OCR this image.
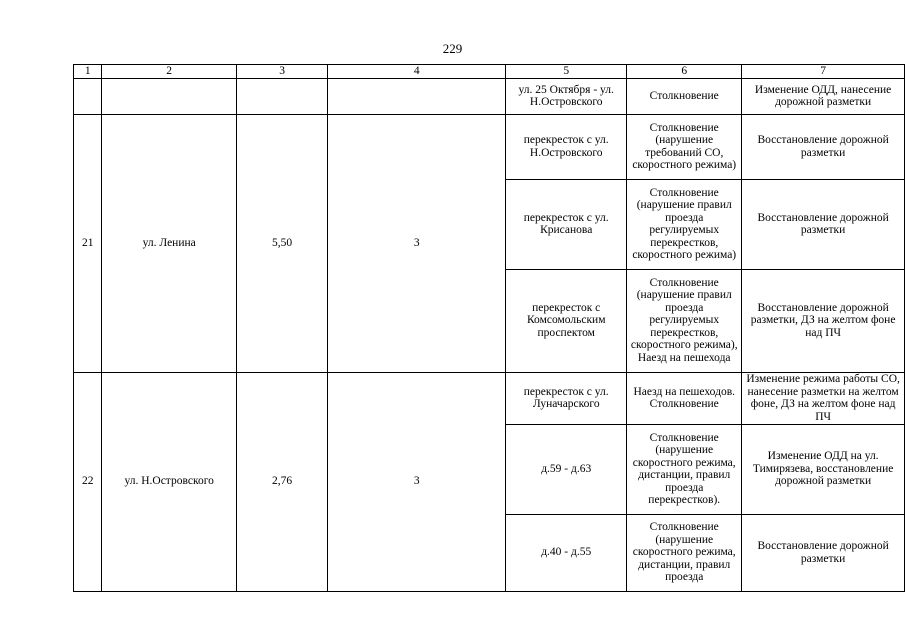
229
1	2	3	4	5	6	7
				ул. 25 Октября - ул. Н.Островского	Столкновение	Изменение ОДД, нанесение дорожной разметки
21	ул. Ленина	5,50	3	перекресток с ул. Н.Островского	Столкновение (нарушение требований СО, скоростного режима)	Восстановление дорожной разметки
				перекресток с ул. Крисанова	Столкновение (нарушение правил проезда регулируемых перекрестков, скоростного режима)	Восстановление дорожной разметки
				перекресток с Комсомольским проспектом	Столкновение (нарушение правил проезда регулируемых перекрестков, скоростного режима), Наезд на пешехода	Восстановление дорожной разметки, ДЗ на желтом фоне над ПЧ
22	ул. Н.Островского	2,76	3	перекресток с ул. Луначарского	Наезд на пешеходов. Столкновение	Изменение режима работы СО, нанесение разметки на желтом фоне, ДЗ на желтом фоне над ПЧ
				д.59 - д.63	Столкновение (нарушение скоростного режима, дистанции, правил проезда перекрестков).	Изменение ОДД на ул. Тимирязева, восстановление дорожной разметки
				д.40 - д.55	Столкновение (нарушение скоростного режима, дистанции, правил проезда	Восстановление дорожной разметки
